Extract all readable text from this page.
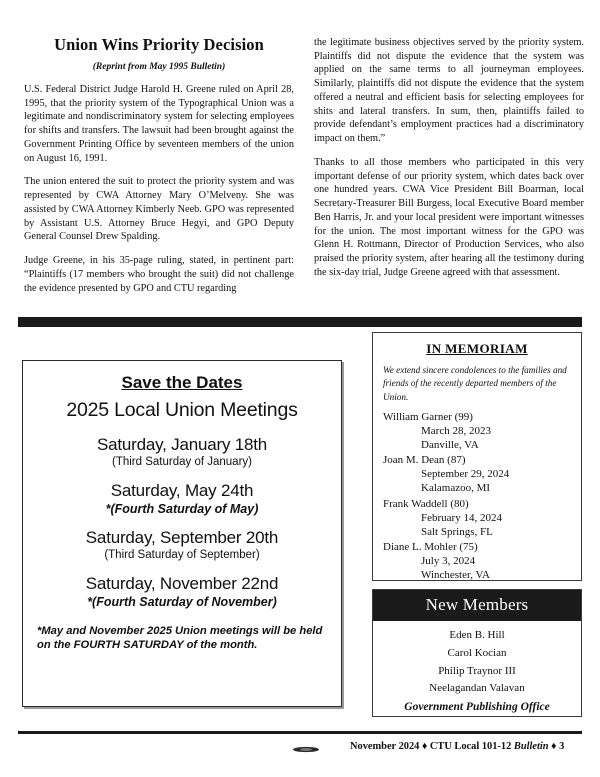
Union Wins Priority Decision
(Reprint from May 1995 Bulletin)

U.S. Federal District Judge Harold H. Greene ruled on April 28, 1995, that the priority system of the Typographical Union was a legitimate and nondiscriminatory system for selecting employees for shifts and transfers. The lawsuit had been brought against the Government Printing Office by seventeen members of the union on August 16, 1991.

The union entered the suit to protect the priority system and was represented by CWA Attorney Mary O’Melveny. She was assisted by CWA Attorney Kimberly Neeb. GPO was represented by Assistant U.S. Attorney Bruce Hegyi, and GPO Deputy General Counsel Drew Spalding.

Judge Greene, in his 35-page ruling, stated, in pertinent part: “Plaintiffs (17 members who brought the suit) did not challenge the evidence presented by GPO and CTU regarding

the legitimate business objectives served by the priority system. Plaintiffs did not dispute the evidence that the system was applied on the same terms to all journeyman employees. Similarly, plaintiffs did not dispute the evidence that the system offered a neutral and efficient basis for selecting employees for shits and lateral transfers. In sum, then, plaintiffs failed to provide defendant’s employment practices had a discriminatory impact on them.”

Thanks to all those members who participated in this very important defense of our priority system, which dates back over one hundred years. CWA Vice President Bill Boarman, local Secretary-Treasurer Bill Burgess, local Executive Board member Ben Harris, Jr. and your local president were important witnesses for the union. The most important witness for the GPO was Glenn H. Rottmann, Director of Production Services, who also praised the priority system, after hearing all the testimony during the six-day trial, Judge Greene agreed with that assessment.

Save the Dates
2025 Local Union Meetings
Saturday, January 18th
(Third Saturday of January)
Saturday, May 24th
*(Fourth Saturday of May)
Saturday, September 20th
(Third Saturday of September)
Saturday, November 22nd
*(Fourth Saturday of November)
*May and November 2025 Union meetings will be held on the FOURTH SATURDAY of the month.
IN MEMORIAM
We extend sincere condolences to the families and friends of the recently departed members of the Union.
William Garner (99)
March 28, 2023
Danville, VA
Joan M. Dean (87)
September 29, 2024
Kalamazoo, MI
Frank Waddell (80)
February 14, 2024
Salt Springs, FL
Diane L. Mohler (75)
July 3, 2024
Winchester, VA
New Members
Eden B. Hill
Carol Kocian
Philip Traynor III
Neelagandan Valavan
Government Publishing Office
November 2024 ♦ CTU Local 101-12 Bulletin ♦ 3
